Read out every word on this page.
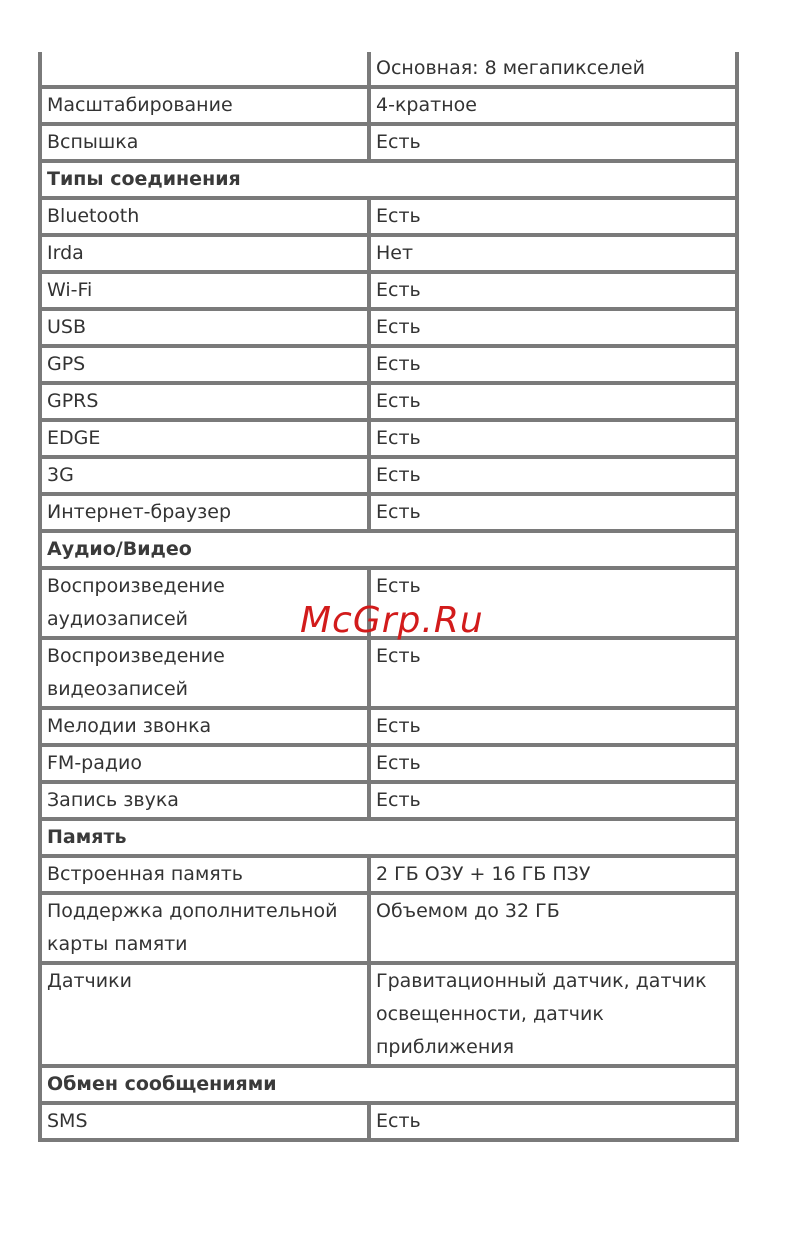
	Основная: 8 мегапикселей
Масштабирование	4-кратное
Вспышка	Есть
Типы соединения	
Bluetooth	Есть
Irda	Нет
Wi-Fi	Есть
USB	Есть
GPS	Есть
GPRS	Есть
EDGE	Есть
3G	Есть
Интернет-браузер	Есть
Аудио/Видео	
Воспроизведение аудиозаписей	Есть
Воспроизведение видеозаписей	Есть
Мелодии звонка	Есть
FM-радио	Есть
Запись звука	Есть
Память	
Встроенная память	2 ГБ ОЗУ + 16 ГБ ПЗУ
Поддержка дополнительной карты памяти	Объемом до 32 ГБ
Датчики	Гравитационный датчик, датчик освещенности, датчик приближения
Обмен сообщениями	
SMS	Есть
McGrp.Ru
